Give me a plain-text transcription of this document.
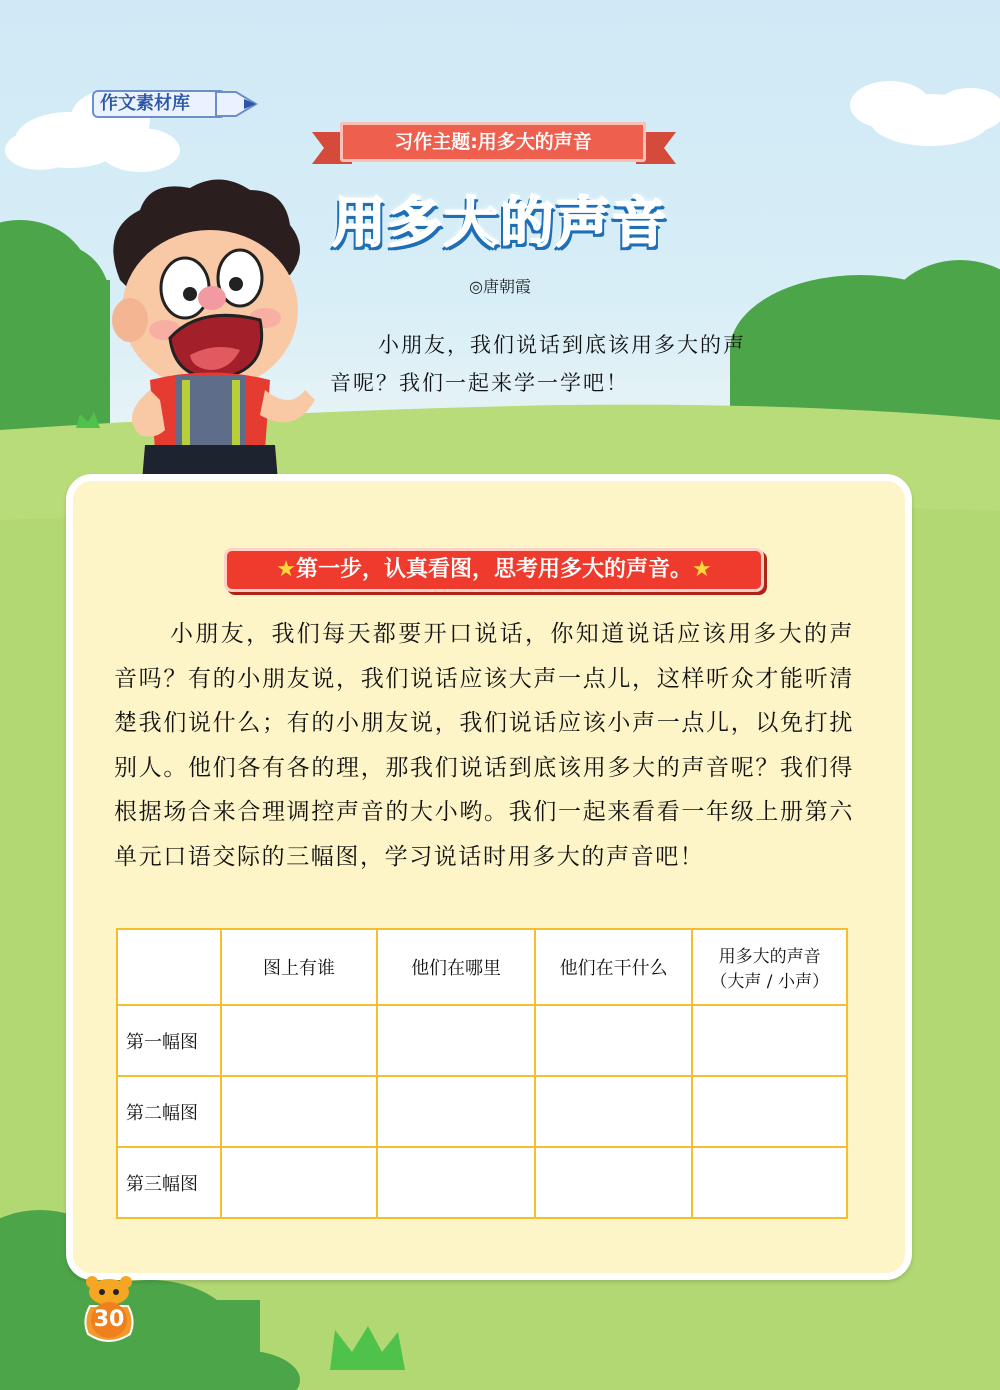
作文素材库
习作主题:用多大的声音
用多大的声音
◎唐朝霞
小朋友，我们说话到底该用多大的声音呢？我们一起来学一学吧！
★第一步，认真看图，思考用多大的声音。★
小朋友，我们每天都要开口说话，你知道说话应该用多大的声音吗？有的小朋友说，我们说话应该大声一点儿，这样听众才能听清楚我们说什么；有的小朋友说，我们说话应该小声一点儿，以免打扰别人。他们各有各的理，那我们说话到底该用多大的声音呢？我们得根据场合来合理调控声音的大小哟。我们一起来看看一年级上册第六单元口语交际的三幅图，学习说话时用多大的声音吧！
	图上有谁	他们在哪里	他们在干什么	用多大的声音
（大声 / 小声）

第一幅图				
第二幅图				
第三幅图				
30
